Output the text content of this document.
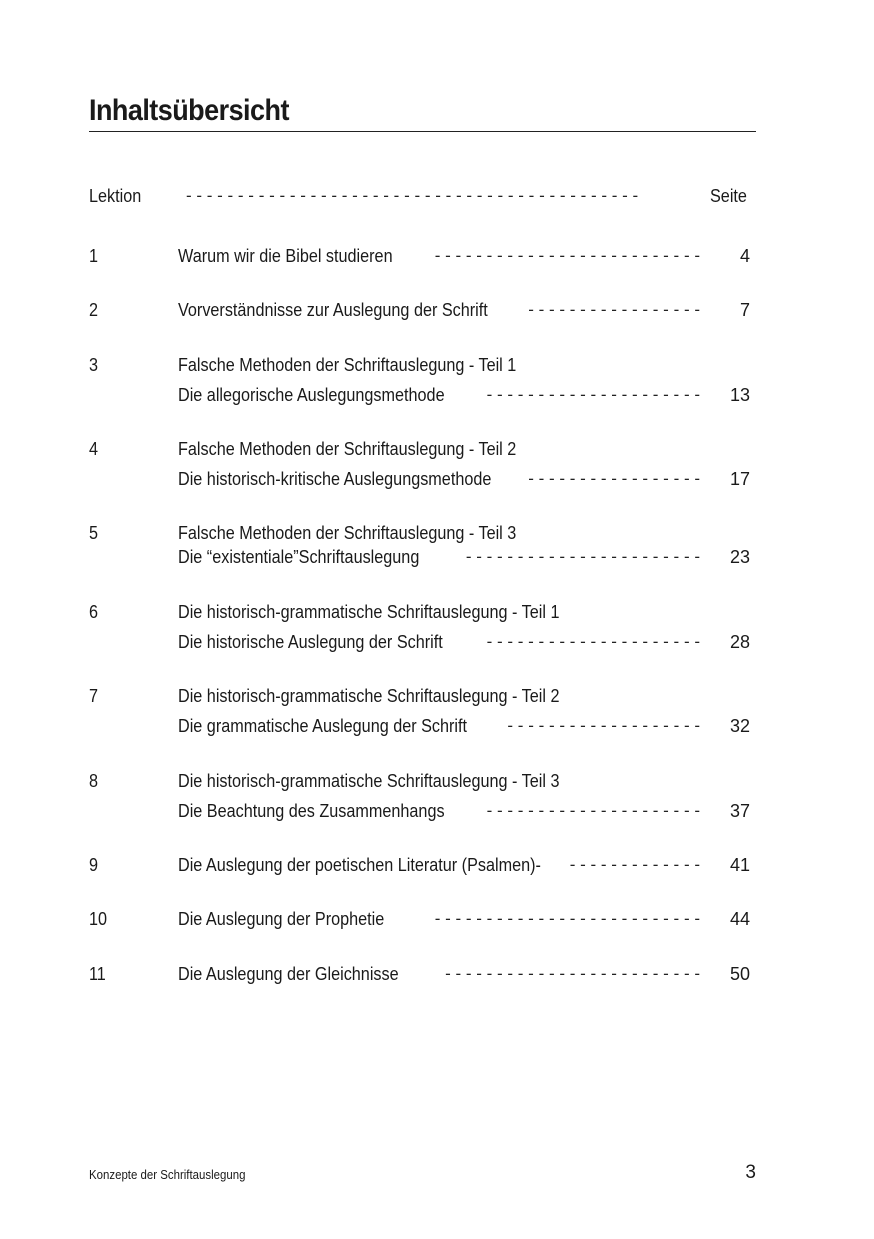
Inhaltsübersicht
Lektion	- - - - - - - - - - - - - - - - - - - - - - - - - - - - - - - - - - - - - - - - - - - -	Seite
1	Warum wir die Bibel studieren	4
- - - - - - - - - - - - - - - - - - - - - - - - - -
2	Vorverständnisse zur Auslegung der Schrift	7
- - - - - - - - - - - - - - - - -
3	Falsche Methoden der Schriftauslegung - Teil 1
Die allegorische Auslegungsmethode	13
- - - - - - - - - - - - - - - - - - - - -
4	Falsche Methoden der Schriftauslegung - Teil 2
Die historisch-kritische Auslegungsmethode	17
- - - - - - - - - - - - - - - - -
5	Falsche Methoden der Schriftauslegung - Teil 3
Die “existentiale”Schriftauslegung	23
- - - - - - - - - - - - - - - - - - - - - - -
6	Die historisch-grammatische Schriftauslegung - Teil 1
Die historische Auslegung der Schrift	28
- - - - - - - - - - - - - - - - - - - - -
7	Die historisch-grammatische Schriftauslegung - Teil 2
Die grammatische Auslegung der Schrift	32
- - - - - - - - - - - - - - - - - - -
8	Die historisch-grammatische Schriftauslegung - Teil 3
Die Beachtung des Zusammenhangs	37
- - - - - - - - - - - - - - - - - - - - -
9	Die Auslegung der poetischen Literatur (Psalmen)-	41
- - - - - - - - - - - - -
10	Die Auslegung der Prophetie	44
- - - - - - - - - - - - - - - - - - - - - - - - - -
11	Die Auslegung der Gleichnisse	50
- - - - - - - - - - - - - - - - - - - - - - - - -
Konzepte der Schriftauslegung	3
